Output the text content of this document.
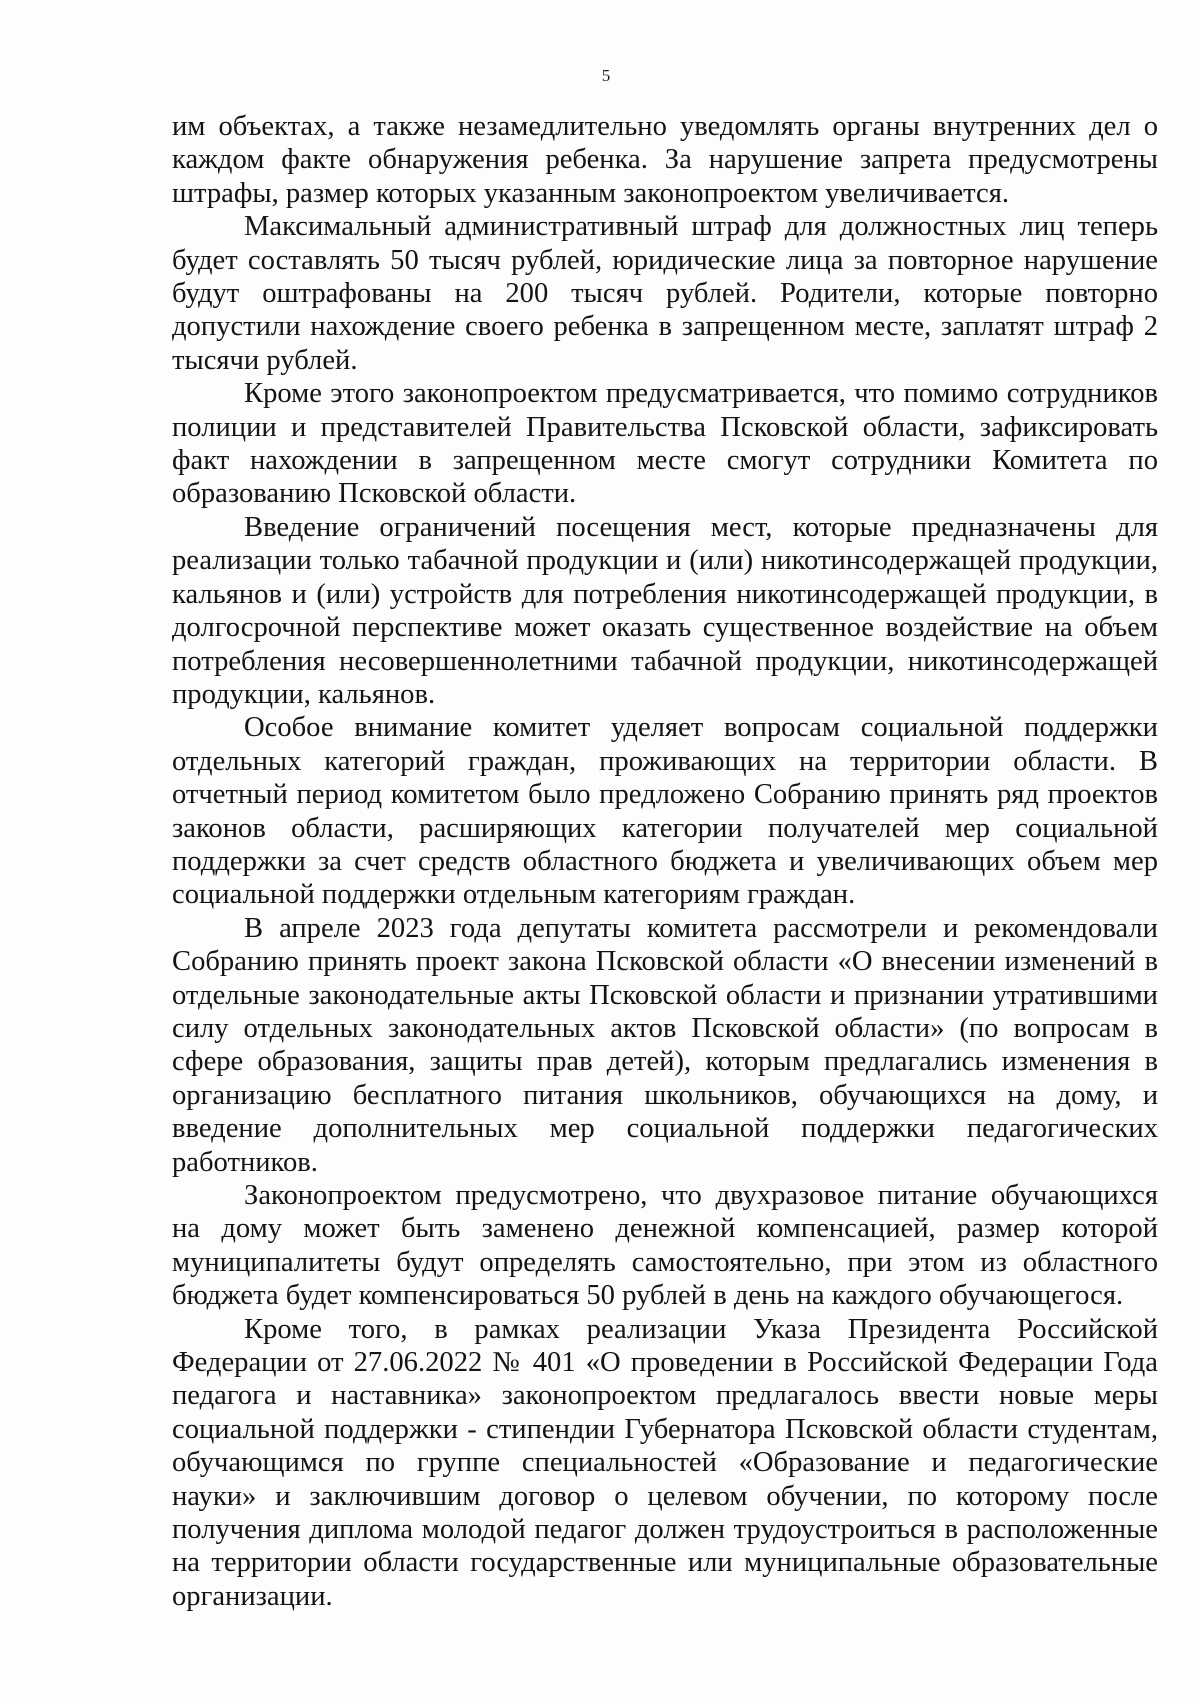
5

им объектах, а также незамедлительно уведомлять органы внутренних дел о каждом факте обнаружения ребенка. За нарушение запрета предусмотрены штрафы, размер которых указанным законопроектом увеличивается.

Максимальный административный штраф для должностных лиц теперь будет составлять 50 тысяч рублей, юридические лица за повторное нарушение будут оштрафованы на 200 тысяч рублей. Родители, которые повторно допустили нахождение своего ребенка в запрещенном месте, заплатят штраф 2 тысячи рублей.

Кроме этого законопроектом предусматривается, что помимо сотрудников полиции и представителей Правительства Псковской области, зафиксировать факт нахождении в запрещенном месте смогут сотрудники Комитета по образованию Псковской области.

Введение ограничений посещения мест, которые предназначены для реализации только табачной продукции и (или) никотинсодержащей продукции, кальянов и (или) устройств для потребления никотинсодержащей продукции, в долгосрочной перспективе может оказать существенное воздействие на объем потребления несовершеннолетними табачной продукции, никотинсодержащей продукции, кальянов.

Особое внимание комитет уделяет вопросам социальной поддержки отдельных категорий граждан, проживающих на территории области. В отчетный период комитетом было предложено Собранию принять ряд проектов законов области, расширяющих категории получателей мер социальной поддержки за счет средств областного бюджета и увеличивающих объем мер социальной поддержки отдельным категориям граждан.

В апреле 2023 года депутаты комитета рассмотрели и рекомендовали Собранию принять проект закона Псковской области «О внесении изменений в отдельные законодательные акты Псковской области и признании утратившими силу отдельных законодательных актов Псковской области» (по вопросам в сфере образования, защиты прав детей), которым предлагались изменения в организацию бесплатного питания школьников, обучающихся на дому, и введение дополнительных мер социальной поддержки педагогических работников.

Законопроектом предусмотрено, что двухразовое питание обучающихся на дому может быть заменено денежной компенсацией, размер которой муниципалитеты будут определять самостоятельно, при этом из областного бюджета будет компенсироваться 50 рублей в день на каждого обучающегося.

Кроме того, в рамках реализации Указа Президента Российской Федерации от 27.06.2022 № 401 «О проведении в Российской Федерации Года педагога и наставника» законопроектом предлагалось ввести новые меры социальной поддержки - стипендии Губернатора Псковской области студентам, обучающимся по группе специальностей «Образование и педагогические науки» и заключившим договор о целевом обучении, по которому после получения диплома молодой педагог должен трудоустроиться в расположенные на территории области государственные или муниципальные образовательные организации.
